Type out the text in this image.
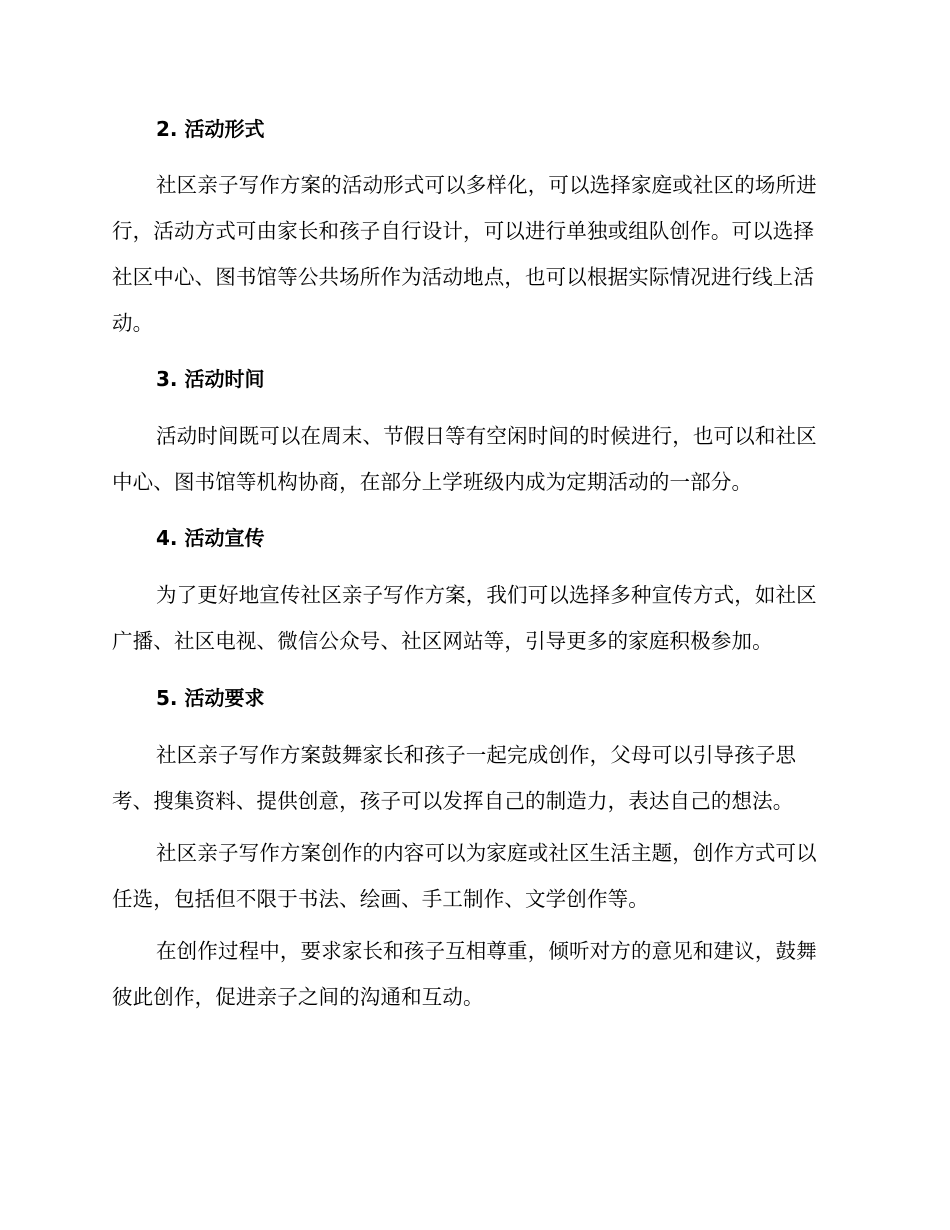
2. 活动形式

社区亲子写作方案的活动形式可以多样化，可以选择家庭或社区的场所进行，活动方式可由家长和孩子自行设计，可以进行单独或组队创作。可以选择社区中心、图书馆等公共场所作为活动地点，也可以根据实际情况进行线上活动。

3. 活动时间

活动时间既可以在周末、节假日等有空闲时间的时候进行，也可以和社区中心、图书馆等机构协商，在部分上学班级内成为定期活动的一部分。

4. 活动宣传

为了更好地宣传社区亲子写作方案，我们可以选择多种宣传方式，如社区广播、社区电视、微信公众号、社区网站等，引导更多的家庭积极参加。

5. 活动要求

社区亲子写作方案鼓舞家长和孩子一起完成创作，父母可以引导孩子思考、搜集资料、提供创意，孩子可以发挥自己的制造力，表达自己的想法。

社区亲子写作方案创作的内容可以为家庭或社区生活主题，创作方式可以任选，包括但不限于书法、绘画、手工制作、文学创作等。

在创作过程中，要求家长和孩子互相尊重，倾听对方的意见和建议，鼓舞彼此创作，促进亲子之间的沟通和互动。
